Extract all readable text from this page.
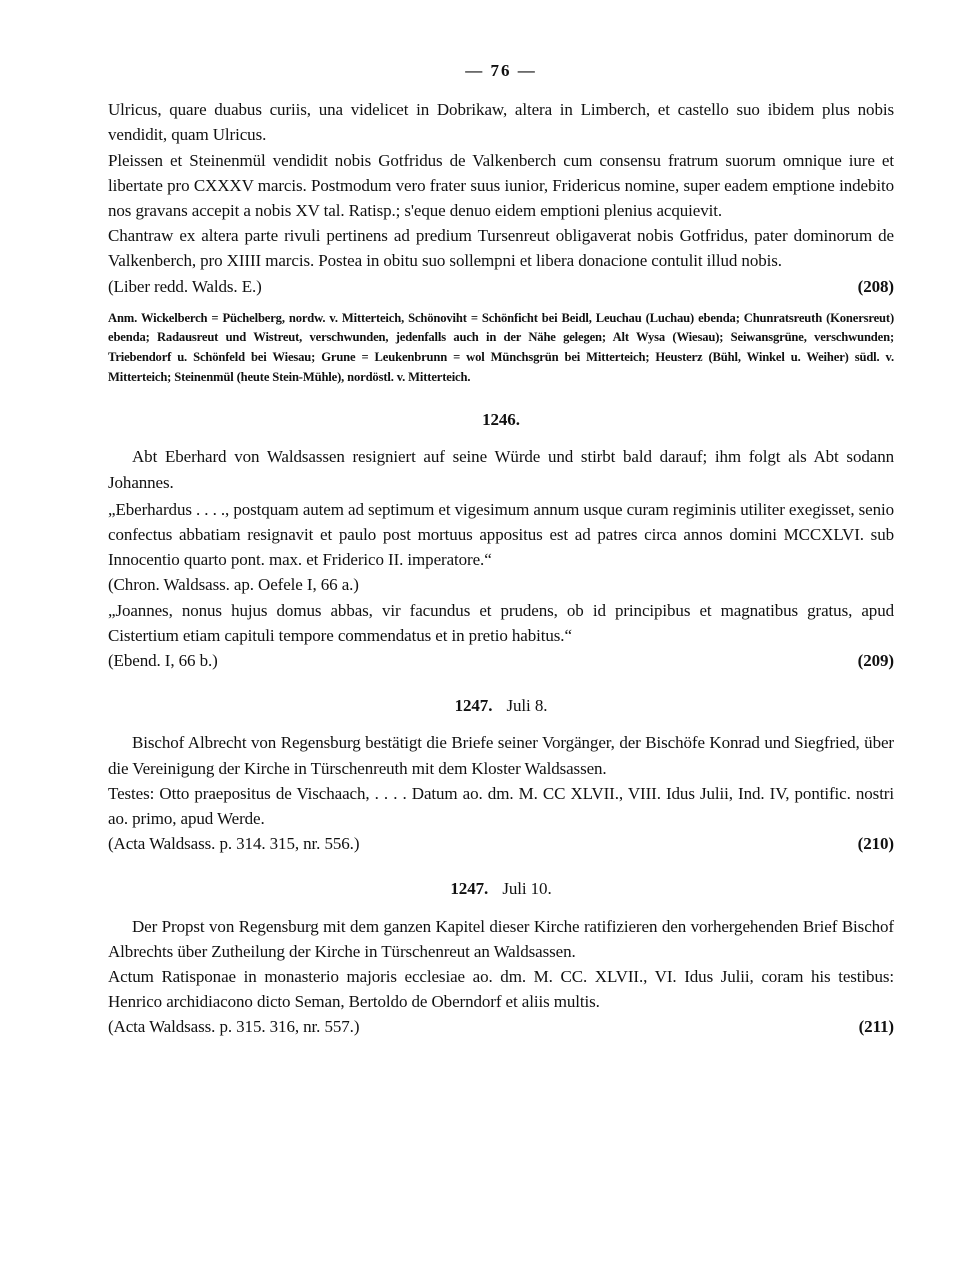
— 76 —

Ulricus, quare duabus curiis, una videlicet in Dobrikaw, altera in Limberch, et castello suo ibidem plus nobis vendidit, quam Ulricus.

Pleissen et Steinenmül vendidit nobis Gotfridus de Valkenberch cum consensu fratrum suorum omnique iure et libertate pro CXXXV marcis. Postmodum vero frater suus iunior, Fridericus nomine, super eadem emptione indebito nos gravans accepit a nobis XV tal. Ratisp.; s'eque denuo eidem emptioni plenius acquievit.

Chantraw ex altera parte rivuli pertinens ad predium Tursenreut obligaverat nobis Gotfridus, pater dominorum de Valkenberch, pro XIIII marcis. Postea in obitu suo sollempni et libera donacione contulit illud nobis.

(Liber redd. Walds. E.)	(208)

Anm. Wickelberch = Püchelberg, nordw. v. Mitterteich, Schönoviht = Schönficht bei Beidl, Leuchau (Luchau) ebenda; Chunratsreuth (Konersreut) ebenda; Radausreut und Wistreut, verschwunden, jedenfalls auch in der Nähe gelegen; Alt Wysa (Wiesau); Seiwansgrüne, verschwunden; Triebendorf u. Schönfeld bei Wiesau; Grune = Leukenbrunn = wol Münchsgrün bei Mitterteich; Heusterz (Bühl, Winkel u. Weiher) südl. v. Mitterteich; Steinenmül (heute Stein-Mühle), nordöstl. v. Mitterteich.

1246.

Abt Eberhard von Waldsassen resigniert auf seine Würde und stirbt bald darauf; ihm folgt als Abt sodann Johannes.

„Eberhardus . . . ., postquam autem ad septimum et vigesimum annum usque curam regiminis utiliter exegisset, senio confectus abbatiam resignavit et paulo post mortuus appositus est ad patres circa annos domini MCCXLVI. sub Innocentio quarto pont. max. et Friderico II. imperatore.“

(Chron. Waldsass. ap. Oefele I, 66 a.)

„Joannes, nonus hujus domus abbas, vir facundus et prudens, ob id principibus et magnatibus gratus, apud Cistertium etiam capituli tempore commendatus et in pretio habitus.“

(Ebend. I, 66 b.)	(209)
1247. Juli 8.

Bischof Albrecht von Regensburg bestätigt die Briefe seiner Vorgänger, der Bischöfe Konrad und Siegfried, über die Vereinigung der Kirche in Türschenreuth mit dem Kloster Waldsassen.

Testes: Otto praepositus de Vischaach, . . . . Datum ao. dm. M. CC XLVII., VIII. Idus Julii, Ind. IV, pontific. nostri ao. primo, apud Werde.

(Acta Waldsass. p. 314. 315, nr. 556.)	(210)
1247. Juli 10.

Der Propst von Regensburg mit dem ganzen Kapitel dieser Kirche ratifizieren den vorhergehenden Brief Bischof Albrechts über Zutheilung der Kirche in Türschenreut an Waldsassen.

Actum Ratisponae in monasterio majoris ecclesiae ao. dm. M. CC. XLVII., VI. Idus Julii, coram his testibus: Henrico archidiacono dicto Seman, Bertoldo de Oberndorf et aliis multis.

(Acta Waldsass. p. 315. 316, nr. 557.)	(211)
